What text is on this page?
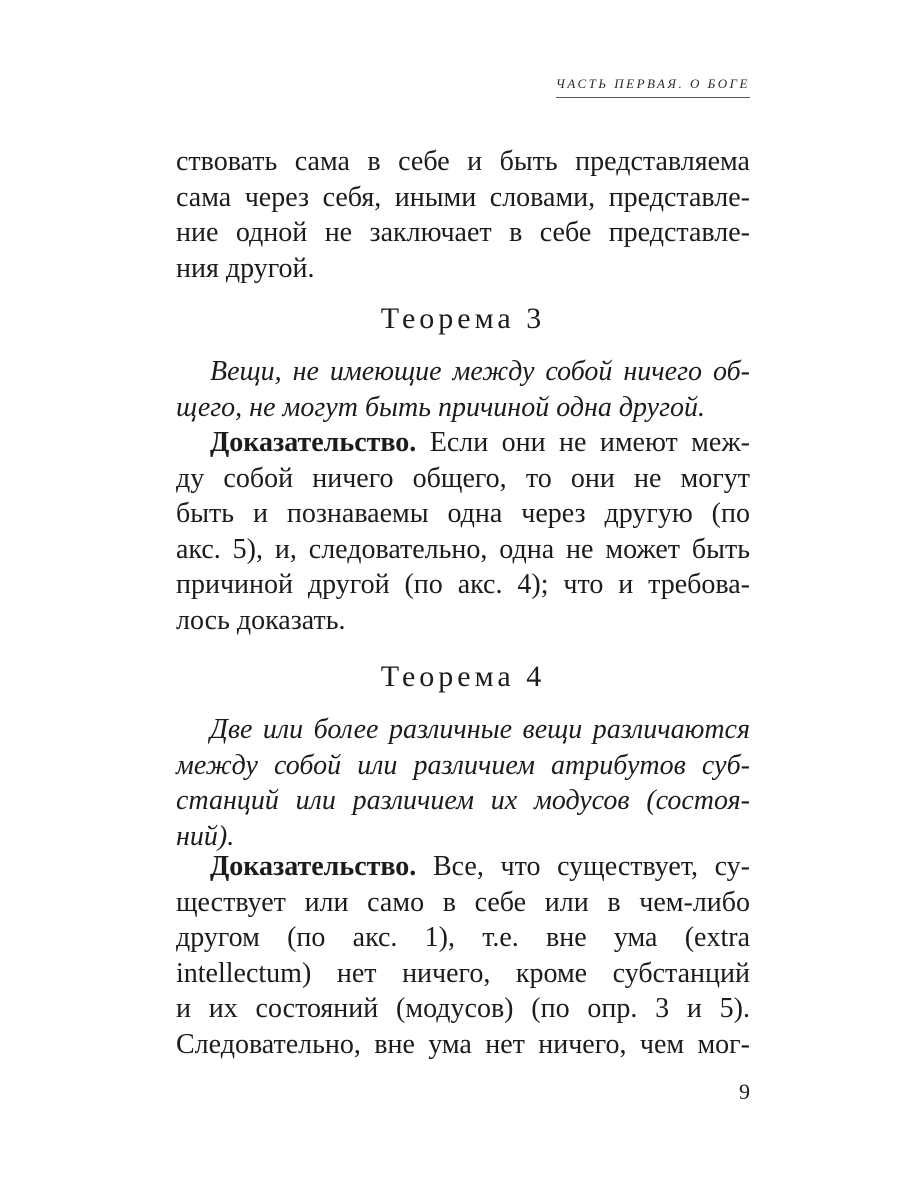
ЧАСТЬ ПЕРВАЯ. О БОГЕ
ствовать сама в себе и быть представляема
сама через себя, иными словами, представле-
ние одной не заключает в себе представле-
ния другой.
Теорема 3
Вещи, не имеющие между собой ничего об-
щего, не могут быть причиной одна другой.
Доказательство. Если они не имеют меж-
ду собой ничего общего, то они не могут
быть и познаваемы одна через другую (по
акс. 5), и, следовательно, одна не может быть
причиной другой (по акс. 4); что и требова-
лось доказать.
Теорема 4
Две или более различные вещи различаются
между собой или различием атрибутов суб-
станций или различием их модусов (состоя-
ний).
Доказательство. Все, что существует, су-
ществует или само в себе или в чем-либо
другом (по акс. 1), т.е. вне ума (extra
intellectum) нет ничего, кроме субстанций
и их состояний (модусов) (по опр. 3 и 5).
Следовательно, вне ума нет ничего, чем мог-
9
